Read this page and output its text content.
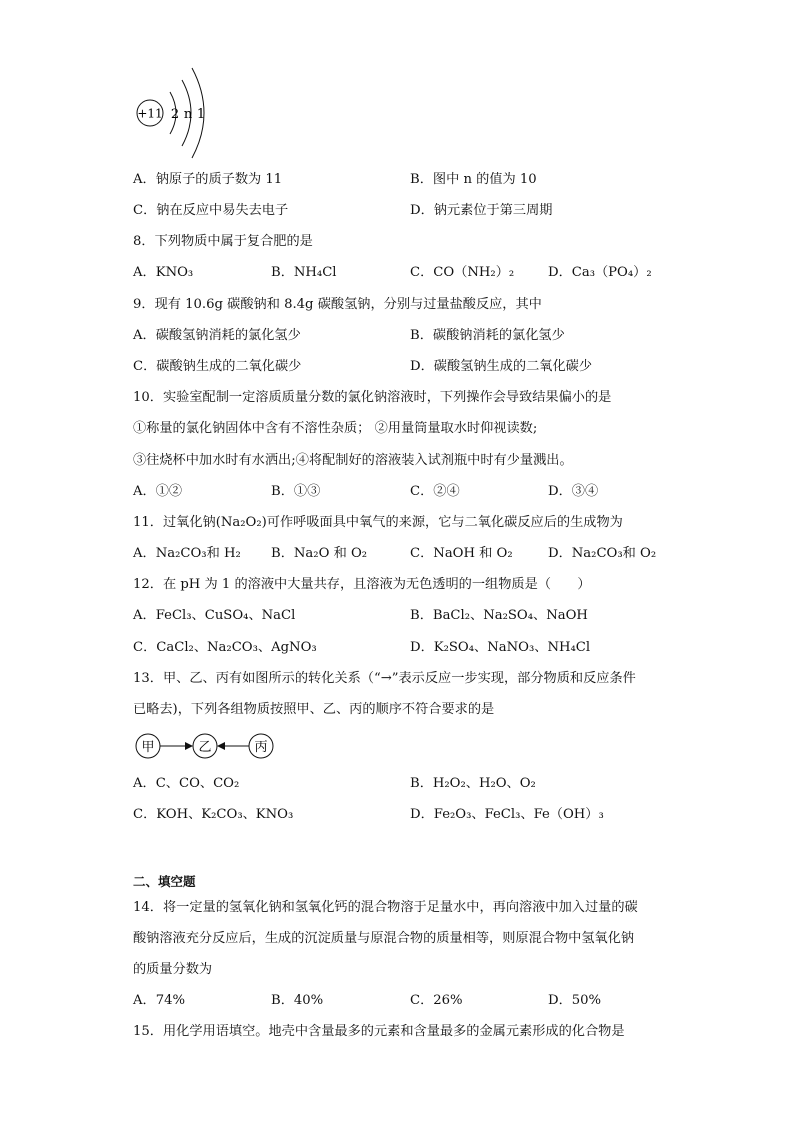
+11 2 n 1
A．钠原子的质子数为 11	B．图中 n 的值为 10
C．钠在反应中易失去电子	D．钠元素位于第三周期
8．下列物质中属于复合肥的是
A．KNO₃	B．NH₄Cl	C．CO（NH₂）₂	D．Ca₃（PO₄）₂
9．现有 10.6g 碳酸钠和 8.4g 碳酸氢钠，分别与过量盐酸反应，其中
A．碳酸氢钠消耗的氯化氢少	B．碳酸钠消耗的氯化氢少
C．碳酸钠生成的二氧化碳少	D．碳酸氢钠生成的二氧化碳少
10．实验室配制一定溶质质量分数的氯化钠溶液时，下列操作会导致结果偏小的是
①称量的氯化钠固体中含有不溶性杂质； ②用量筒量取水时仰视读数;
③往烧杯中加水时有水洒出;④将配制好的溶液装入试剂瓶中时有少量溅出。
A．①②	B．①③	C．②④	D．③④
11．过氧化钠(Na₂O₂)可作呼吸面具中氧气的来源，它与二氧化碳反应后的生成物为
A．Na₂CO₃和 H₂ B．Na₂O 和 O₂	C．NaOH 和 O₂	D．Na₂CO₃和 O₂
12．在 pH 为 1 的溶液中大量共存，且溶液为无色透明的一组物质是（　　）
A．FeCl₃、CuSO₄、NaCl	B．BaCl₂、Na₂SO₄、NaOH
C．CaCl₂、Na₂CO₃、AgNO₃	D．K₂SO₄、NaNO₃、NH₄Cl
13．甲、乙、丙有如图所示的转化关系（“→”表示反应一步实现，部分物质和反应条件
已略去)，下列各组物质按照甲、乙、丙的顺序不符合要求的是
甲	乙	丙
A．C、CO、CO₂	B．H₂O₂、H₂O、O₂
C．KOH、K₂CO₃、KNO₃	D．Fe₂O₃、FeCl₃、Fe（OH）₃
二、填空题
14．将一定量的氢氧化钠和氢氧化钙的混合物溶于足量水中，再向溶液中加入过量的碳
酸钠溶液充分反应后，生成的沉淀质量与原混合物的质量相等，则原混合物中氢氧化钠
的质量分数为
A．74%	B．40%	C．26%	D．50%
15．用化学用语填空。地壳中含量最多的元素和含量最多的金属元素形成的化合物是
